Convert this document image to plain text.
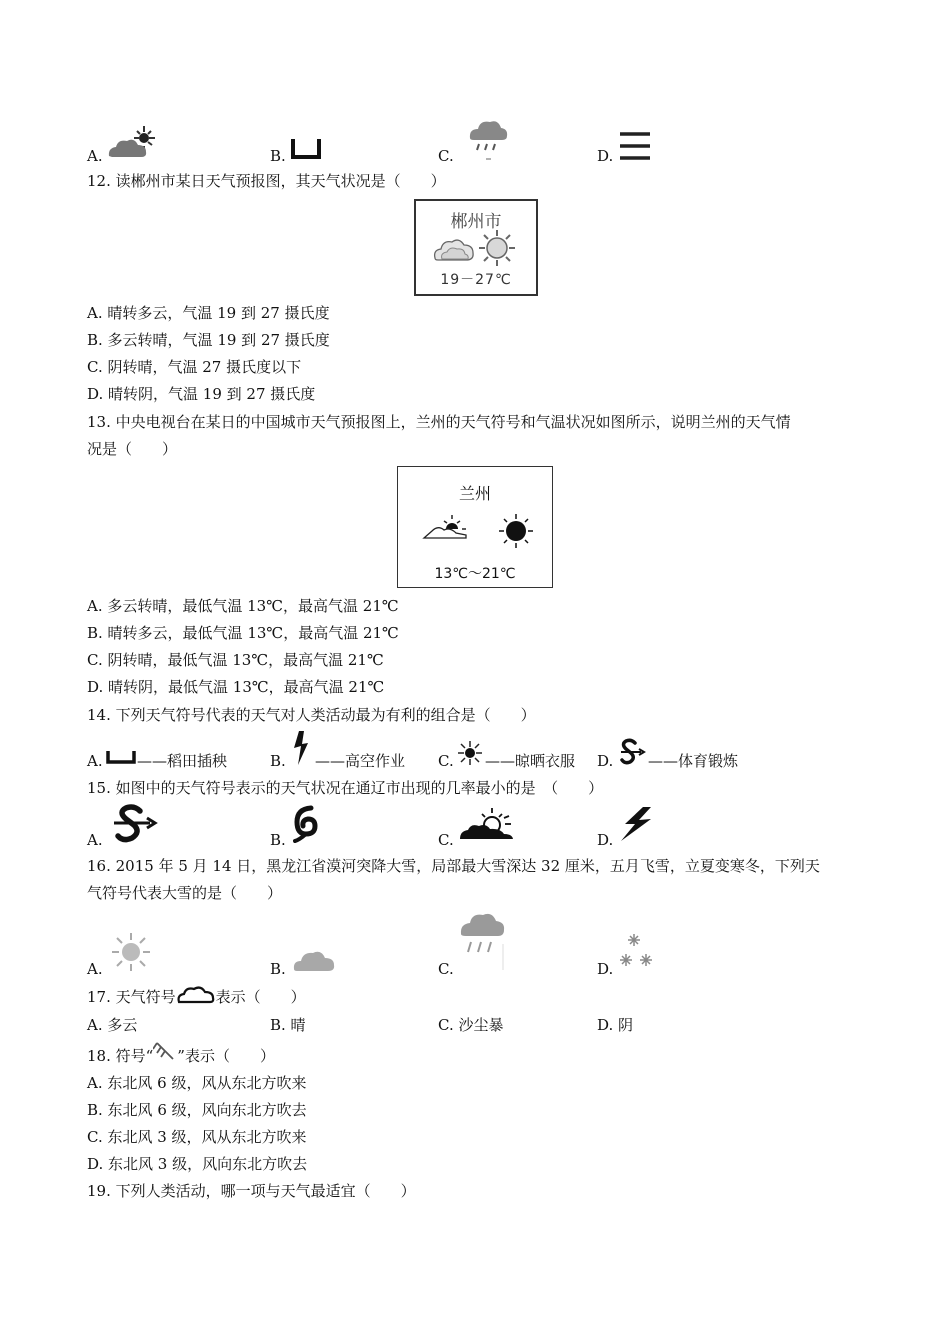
A.	B.	C.	D.
12. 读郴州市某日天气预报图，其天气状况是（　　）
郴州市
19－27℃
A. 晴转多云，气温 19 到 27 摄氏度
B. 多云转晴，气温 19 到 27 摄氏度
C. 阴转晴，气温 27 摄氏度以下
D. 晴转阴，气温 19 到 27 摄氏度
13. 中央电视台在某日的中国城市天气预报图上，兰州的天气符号和气温状况如图所示，说明兰州的天气情
况是（　　）
兰州
13℃～21℃
A. 多云转晴，最低气温 13℃，最高气温 21℃
B. 晴转多云，最低气温 13℃，最高气温 21℃
C. 阴转晴，最低气温 13℃，最高气温 21℃
D. 晴转阴，最低气温 13℃，最高气温 21℃
14. 下列天气符号代表的天气对人类活动最为有利的组合是（　　）
A. ——稻田插秧	B. ——高空作业 C. ——晾晒衣服 D. ——体育锻炼
15. 如图中的天气符号表示的天气状况在通辽市出现的几率最小的是　（　　）
A.	B.	C.	D.
16. 2015 年 5 月 14 日，黑龙江省漠河突降大雪，局部最大雪深达 32 厘米，五月飞雪，立夏变寒冬，下列天
气符号代表大雪的是（　　）
A.	B.	C.	D.
17. 天气符号	表示（　　）
A. 多云	B. 晴	C. 沙尘暴	D. 阴
18. 符号“ ”表示（　　）
A. 东北风 6 级，风从东北方吹来
B. 东北风 6 级，风向东北方吹去
C. 东北风 3 级，风从东北方吹来
D. 东北风 3 级，风向东北方吹去
19. 下列人类活动，哪一项与天气最适宜（　　）
